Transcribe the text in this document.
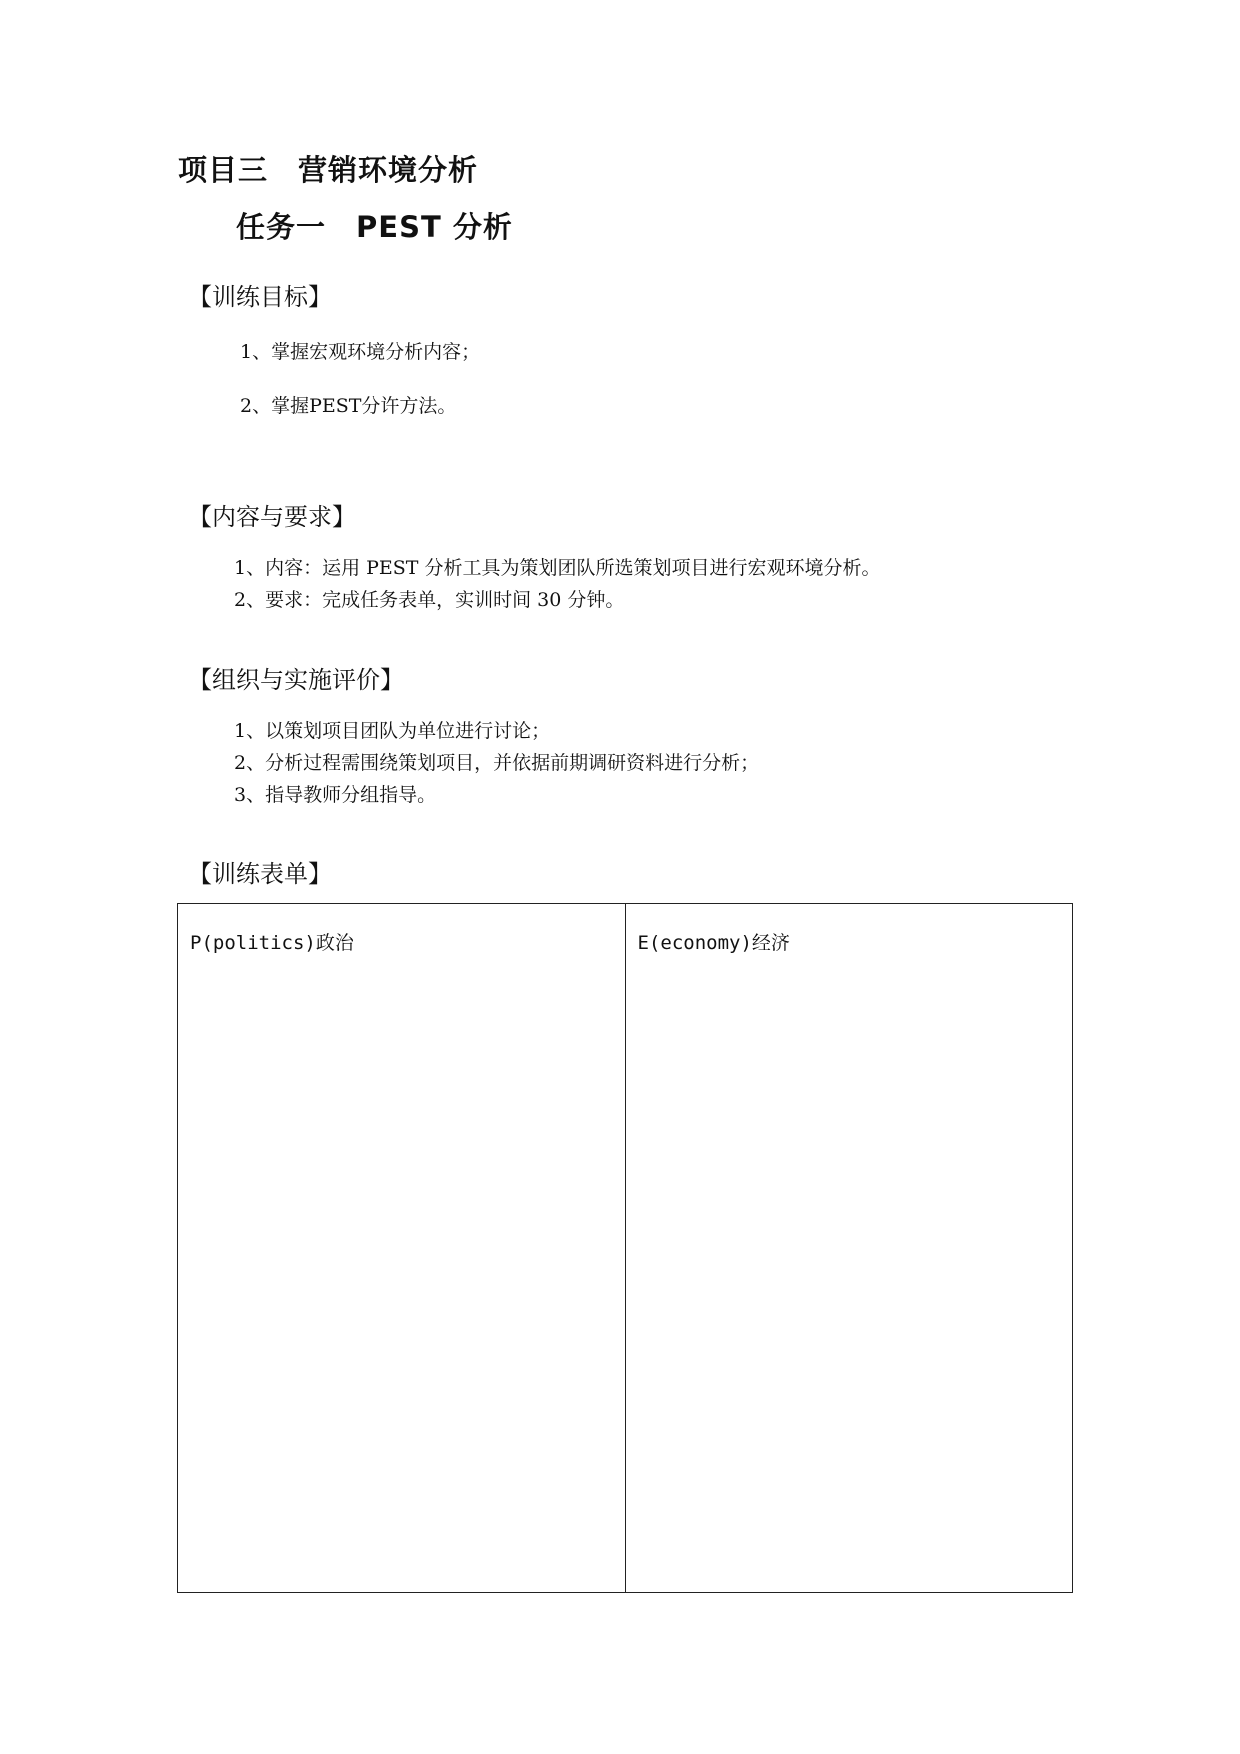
项目三　营销环境分析
任务一　PEST 分析
【训练目标】
1、掌握宏观环境分析内容；
2、掌握PEST分许方法。
【内容与要求】
1、内容：运用 PEST 分析工具为策划团队所选策划项目进行宏观环境分析。
2、要求：完成任务表单，实训时间 30 分钟。
【组织与实施评价】
1、以策划项目团队为单位进行讨论；
2、分析过程需围绕策划项目，并依据前期调研资料进行分析；
3、指导教师分组指导。
【训练表单】
P(politics)政治	E(economy)经济
